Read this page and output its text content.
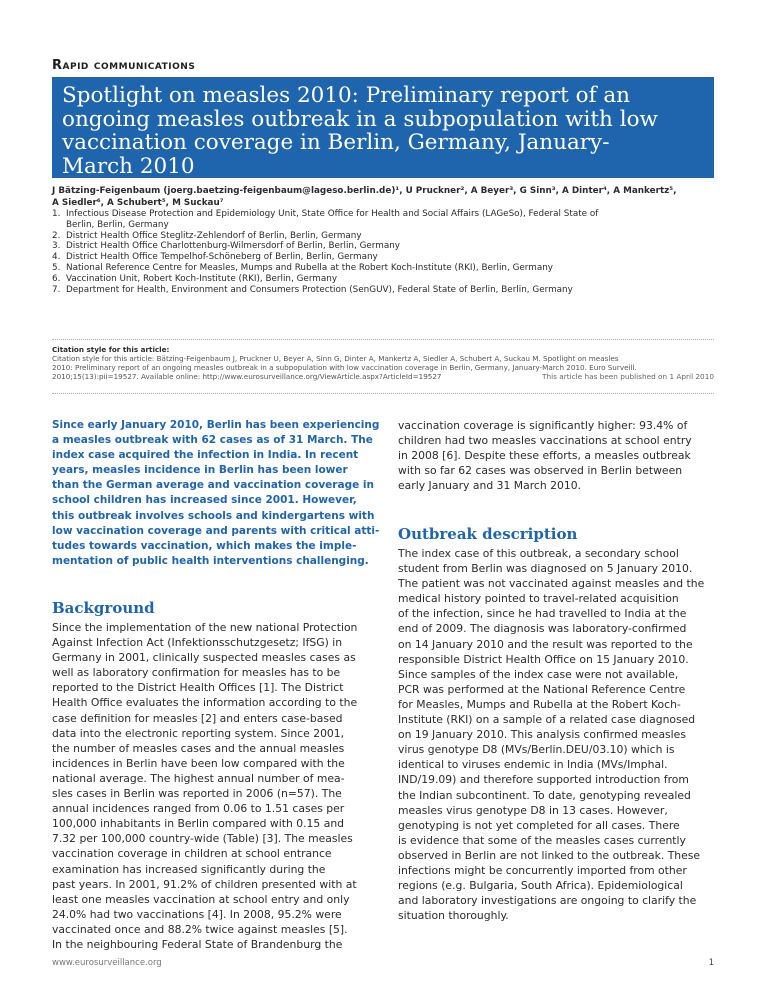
Rapid communications
Spotlight on measles 2010: Preliminary report of an
ongoing measles outbreak in a subpopulation with low
vaccination coverage in Berlin, Germany, January-
March 2010
J Bätzing-Feigenbaum (joerg.baetzing-feigenbaum@lageso.berlin.de)¹, U Pruckner², A Beyer³, G Sinn³, A Dinter⁴, A Mankertz⁵,
A Siedler⁶, A Schubert⁵, M Suckau⁷
1. Infectious Disease Protection and Epidemiology Unit, State Office for Health and Social Affairs (LAGeSo), Federal State of
Berlin, Berlin, Germany
2. District Health Office Steglitz-Zehlendorf of Berlin, Berlin, Germany
3. District Health Office Charlottenburg-Wilmersdorf of Berlin, Berlin, Germany
4. District Health Office Tempelhof-Schöneberg of Berlin, Berlin, Germany
5. National Reference Centre for Measles, Mumps and Rubella at the Robert Koch-Institute (RKI), Berlin, Germany
6. Vaccination Unit, Robert Koch-Institute (RKI), Berlin, Germany
7. Department for Health, Environment and Consumers Protection (SenGUV), Federal State of Berlin, Berlin, Germany
Citation style for this article:
Citation style for this article: Bätzing-Feigenbaum J, Pruckner U, Beyer A, Sinn G, Dinter A, Mankertz A, Siedler A, Schubert A, Suckau M. Spotlight on measles
2010: Preliminary report of an ongoing measles outbreak in a subpopulation with low vaccination coverage in Berlin, Germany, January-March 2010. Euro Surveill.
2010;15(13):pii=19527. Available online: http://www.eurosurveillance.org/ViewArticle.aspx?ArticleId=19527	This article has been published on 1 April 2010
Since early January 2010, Berlin has been experiencing
a measles outbreak with 62 cases as of 31 March. The
index case acquired the infection in India. In recent
years, measles incidence in Berlin has been lower
than the German average and vaccination coverage in
school children has increased since 2001. However,
this outbreak involves schools and kindergartens with
low vaccination coverage and parents with critical atti-
tudes towards vaccination, which makes the imple-
mentation of public health interventions challenging.
Background
Since the implementation of the new national Protection
Against Infection Act (Infektionsschutzgesetz; IfSG) in
Germany in 2001, clinically suspected measles cases as
well as laboratory confirmation for measles has to be
reported to the District Health Offices [1]. The District
Health Office evaluates the information according to the
case definition for measles [2] and enters case-based
data into the electronic reporting system. Since 2001,
the number of measles cases and the annual measles
incidences in Berlin have been low compared with the
national average. The highest annual number of mea-
sles cases in Berlin was reported in 2006 (n=57). The
annual incidences ranged from 0.06 to 1.51 cases per
100,000 inhabitants in Berlin compared with 0.15 and
7.32 per 100,000 country-wide (Table) [3]. The measles
vaccination coverage in children at school entrance
examination has increased significantly during the
past years. In 2001, 91.2% of children presented with at
least one measles vaccination at school entry and only
24.0% had two vaccinations [4]. In 2008, 95.2% were
vaccinated once and 88.2% twice against measles [5].
In the neighbouring Federal State of Brandenburg the
vaccination coverage is significantly higher: 93.4% of
children had two measles vaccinations at school entry
in 2008 [6]. Despite these efforts, a measles outbreak
with so far 62 cases was observed in Berlin between
early January and 31 March 2010.
Outbreak description
The index case of this outbreak, a secondary school
student from Berlin was diagnosed on 5 January 2010.
The patient was not vaccinated against measles and the
medical history pointed to travel-related acquisition
of the infection, since he had travelled to India at the
end of 2009. The diagnosis was laboratory-confirmed
on 14 January 2010 and the result was reported to the
responsible District Health Office on 15 January 2010.
Since samples of the index case were not available,
PCR was performed at the National Reference Centre
for Measles, Mumps and Rubella at the Robert Koch-
Institute (RKI) on a sample of a related case diagnosed
on 19 January 2010. This analysis confirmed measles
virus genotype D8 (MVs/Berlin.DEU/03.10) which is
identical to viruses endemic in India (MVs/Imphal.
IND/19.09) and therefore supported introduction from
the Indian subcontinent. To date, genotyping revealed
measles virus genotype D8 in 13 cases. However,
genotyping is not yet completed for all cases. There
is evidence that some of the measles cases currently
observed in Berlin are not linked to the outbreak. These
infections might be concurrently imported from other
regions (e.g. Bulgaria, South Africa). Epidemiological
and laboratory investigations are ongoing to clarify the
situation thoroughly.
www.eurosurveillance.org	1
